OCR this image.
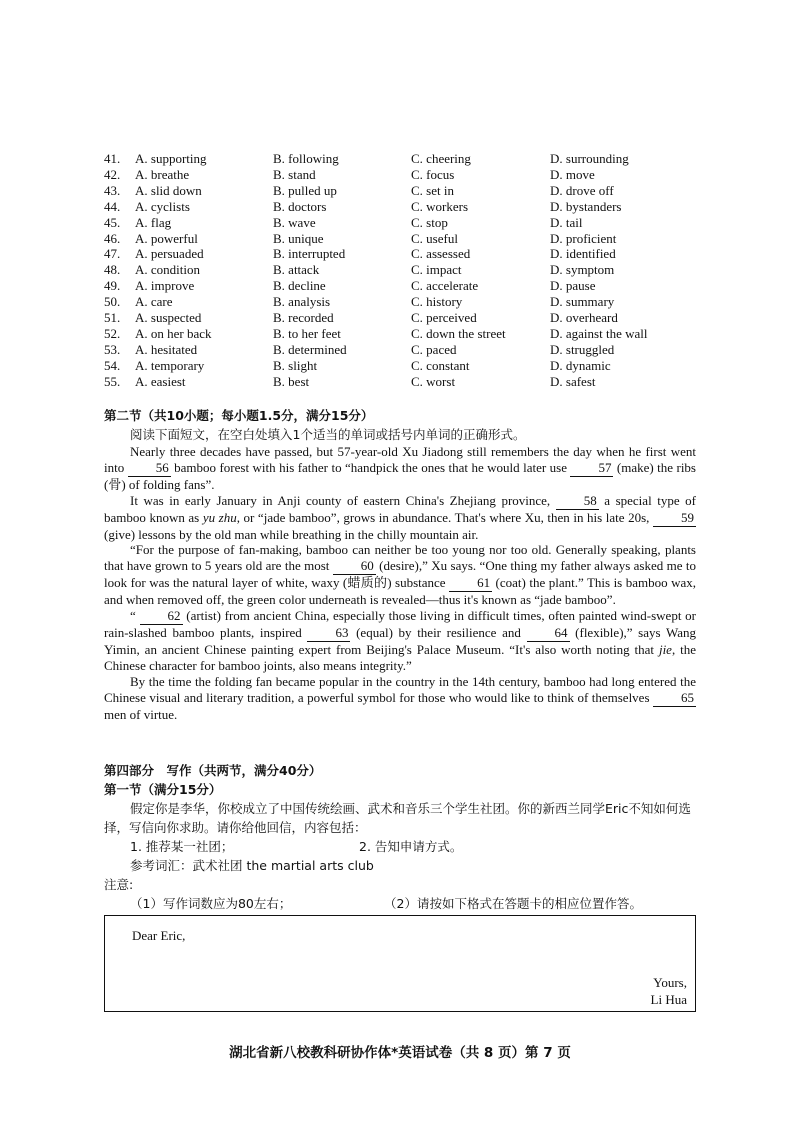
41.	A. supporting	B. following	C. cheering	D. surrounding
42.	A. breathe	B. stand	C. focus	D. move
43.	A. slid down	B. pulled up	C. set in	D. drove off
44.	A. cyclists	B. doctors	C. workers	D. bystanders
45.	A. flag	B. wave	C. stop	D. tail
46.	A. powerful	B. unique	C. useful	D. proficient
47.	A. persuaded	B. interrupted	C. assessed	D. identified
48.	A. condition	B. attack	C. impact	D. symptom
49.	A. improve	B. decline	C. accelerate	D. pause
50.	A. care	B. analysis	C. history	D. summary
51.	A. suspected	B. recorded	C. perceived	D. overheard
52.	A. on her back	B. to her feet	C. down the street	D. against the wall
53.	A. hesitated	B. determined	C. paced	D. struggled
54.	A. temporary	B. slight	C. constant	D. dynamic
55.	A. easiest	B. best	C. worst	D. safest
第二节（共10小题；每小题1.5分，满分15分）
阅读下面短文，在空白处填入1个适当的单词或括号内单词的正确形式。
Nearly three decades have passed, but 57-year-old Xu Jiadong still remembers the day when he first went into 56 bamboo forest with his father to “handpick the ones that he would later use 57 (make) the ribs (骨) of folding fans”.
It was in early January in Anji county of eastern China's Zhejiang province, 58 a special type of bamboo known as yu zhu, or “jade bamboo”, grows in abundance. That's where Xu, then in his late 20s, 59 (give) lessons by the old man while breathing in the chilly mountain air.
“For the purpose of fan-making, bamboo can neither be too young nor too old. Generally speaking, plants that have grown to 5 years old are the most 60 (desire),” Xu says. “One thing my father always asked me to look for was the natural layer of white, waxy (蜡质的) substance 61 (coat) the plant.” This is bamboo wax, and when removed off, the green color underneath is revealed—thus it's known as “jade bamboo”.
“ 62 (artist) from ancient China, especially those living in difficult times, often painted wind-swept or rain-slashed bamboo plants, inspired 63 (equal) by their resilience and 64 (flexible),” says Wang Yimin, an ancient Chinese painting expert from Beijing's Palace Museum. “It's also worth noting that jie, the Chinese character for bamboo joints, also means integrity.”
By the time the folding fan became popular in the country in the 14th century, bamboo had long entered the Chinese visual and literary tradition, a powerful symbol for those who would like to think of themselves 65 men of virtue.
第四部分　写作（共两节，满分40分）
第一节（满分15分）
假定你是李华，你校成立了中国传统绘画、武术和音乐三个学生社团。你的新西兰同学Eric不知如何选择，写信向你求助。请你给他回信，内容包括：
1. 推荐某一社团；	2. 告知申请方式。
参考词汇：武术社团 the martial arts club
注意:
（1）写作词数应为80左右；	（2）请按如下格式在答题卡的相应位置作答。
Dear Eric,
Yours,
Li Hua
湖北省新八校教科研协作体*英语试卷（共 8 页）第 7 页
